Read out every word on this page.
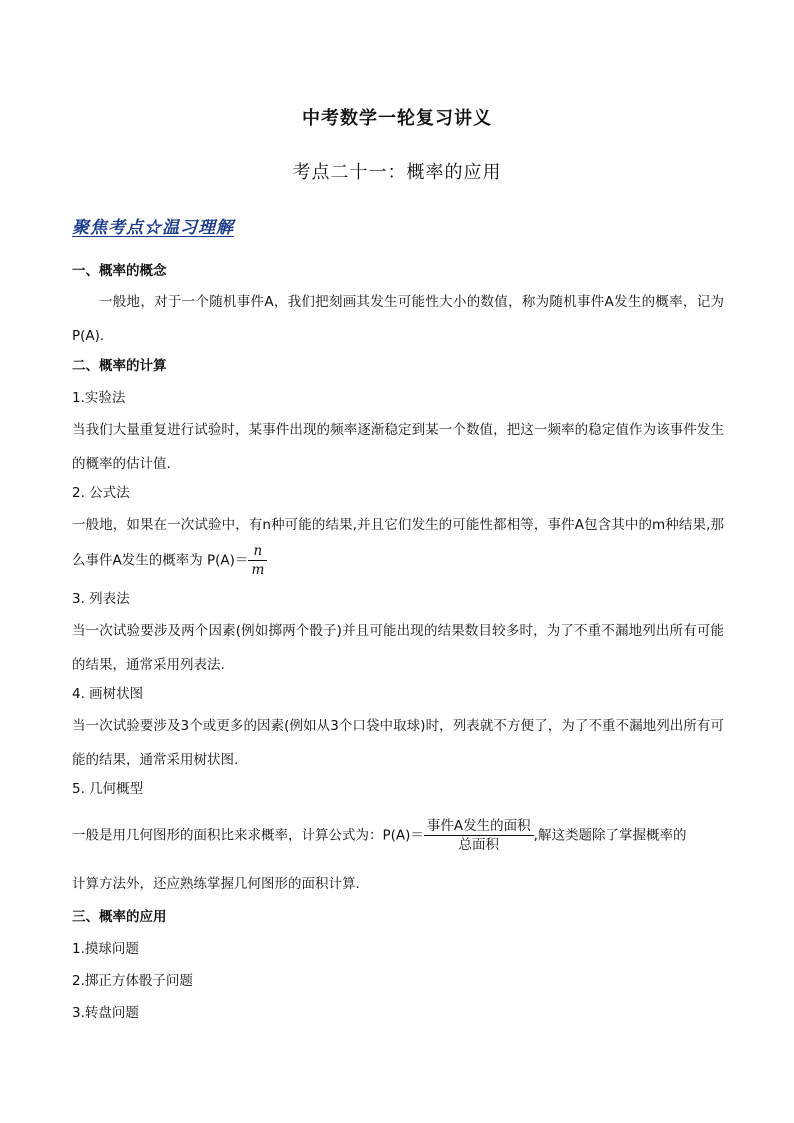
中考数学一轮复习讲义
考点二十一：概率的应用
聚焦考点☆温习理解
一、概率的概念
一般地，对于一个随机事件A，我们把刻画其发生可能性大小的数值，称为随机事件A发生的概率，记为P(A).
二、概率的计算
1.实验法
当我们大量重复进行试验时，某事件出现的频率逐渐稳定到某一个数值，把这一频率的稳定值作为该事件发生的概率的估计值.
2. 公式法
一般地，如果在一次试验中，有n种可能的结果,并且它们发生的可能性都相等，事件A包含其中的m种结果,那么事件A发生的概率为 $P(A)= \frac{n}{m}$
3. 列表法
当一次试验要涉及两个因素(例如掷两个骰子)并且可能出现的结果数目较多时，为了不重不漏地列出所有可能的结果，通常采用列表法.
4. 画树状图
当一次试验要涉及3个或更多的因素(例如从3个口袋中取球)时，列表就不方便了，为了不重不漏地列出所有可能的结果，通常采用树状图.
5. 几何概型
一般是用几何图形的面积比来求概率，计算公式为：$P(A)= \frac{\text{事件A发生的面积}}{\text{总面积}}$ ,解这类题除了掌握概率的
计算方法外，还应熟练掌握几何图形的面积计算.
三、概率的应用
1.摸球问题
2.掷正方体骰子问题
3.转盘问题
